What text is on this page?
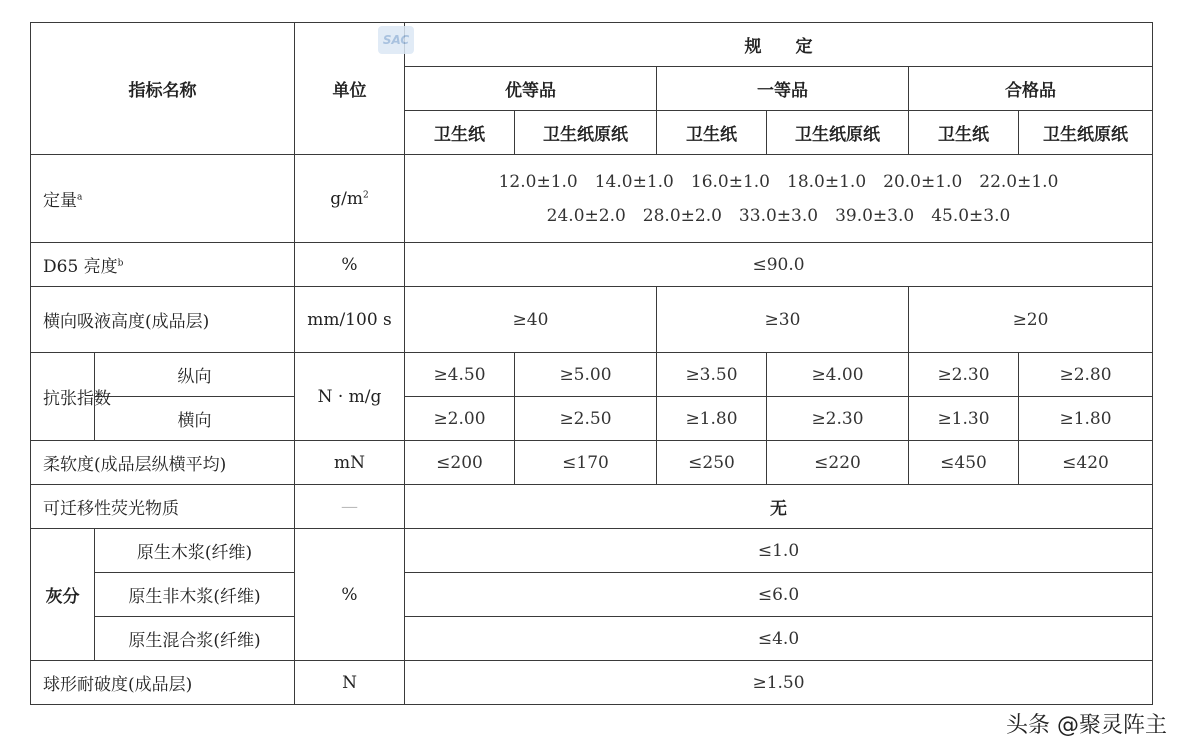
指标名称		单位	规　　定					
			优等品		一等品		合格品	
			卫生纸	卫生纸原纸	卫生纸	卫生纸原纸	卫生纸	卫生纸原纸
定量$^a$		$g/m^2$	12.0±1.0　14.0±1.0　16.0±1.0　18.0±1.0　20.0±1.0　22.0±1.0
24.0±2.0　28.0±2.0　33.0±3.0　39.0±3.0　45.0±3.0					

D65 亮度$^b$		%	≤90.0					
横向吸液高度(成品层)		mm/100 s	≥40		≥30		≥20	
抗张指数	纵向	N · m/g	≥4.50	≥5.00	≥3.50	≥4.00	≥2.30	≥2.80
	横向		≥2.00	≥2.50	≥1.80	≥2.30	≥1.30	≥1.80
柔软度(成品层纵横平均)		mN	≤200	≤170	≤250	≤220	≤450	≤420
可迁移性荧光物质		—	无					
灰分	原生木浆(纤维)	%	≤1.0					
	原生非木浆(纤维)		≤6.0					
	原生混合浆(纤维)		≤4.0					
球形耐破度(成品层)		N	≥1.50					
SAC
头条 @聚灵阵主
